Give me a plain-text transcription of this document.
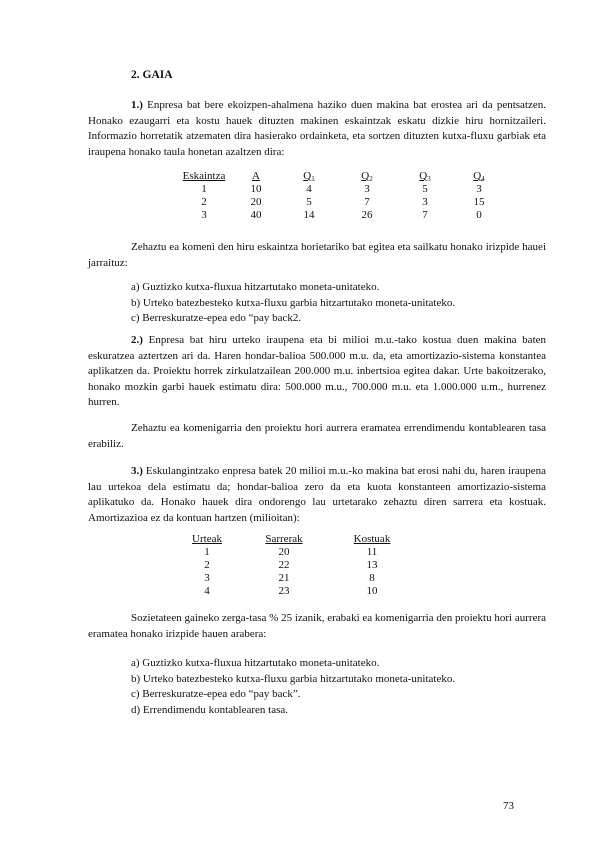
2. GAIA

1.) Enpresa bat bere ekoizpen-ahalmena haziko duen makina bat erostea ari da pentsatzen. Honako ezaugarri eta kostu hauek dituzten makinen eskaintzak eskatu dizkie hiru hornitzaileri. Informazio horretatik atzematen dira hasierako ordainketa, eta sortzen dituzten kutxa-fluxu garbiak eta iraupena honako taula honetan azaltzen dira:

Eskaintza	A	$Q_1$	$Q_2$	$Q_3$	$Q_4$
1	10	4	3	5	3
2	20	5	7	3	15
3	40	14	26	7	0

Zehaztu ea komeni den hiru eskaintza horietariko bat egitea eta sailkatu honako irizpide hauei jarraituz:

a) Guztizko kutxa-fluxua hitzartutako moneta-unitateko.
b) Urteko batezbesteko kutxa-fluxu garbia hitzartutako moneta-unitateko.
c) Berreskuratze-epea edo “pay back2.

2.) Enpresa bat hiru urteko iraupena eta bi milioi m.u.-tako kostua duen makina baten eskuratzea aztertzen ari da. Haren hondar-balioa 500.000 m.u. da, eta amortizazio-sistema konstantea aplikatzen da. Proiektu horrek zirkulatzailean 200.000 m.u. inbertsioa egitea dakar. Urte bakoitzerako, honako mozkin garbi hauek estimatu dira: 500.000 m.u., 700.000 m.u. eta 1.000.000 u.m., hurrenez hurren.

Zehaztu ea komenigarria den proiektu hori aurrera eramatea errendimendu kontablearen tasa erabiliz.

3.) Eskulangintzako enpresa batek 20 milioi m.u.-ko makina bat erosi nahi du, haren iraupena lau urtekoa dela estimatu da; hondar-balioa zero da eta kuota konstanteen amortizazio-sistema aplikatuko da. Honako hauek dira ondorengo lau urtetarako zehaztu diren sarrera eta kostuak. Amortizazioa ez da kontuan hartzen (milioitan):

Urteak	Sarrerak	Kostuak
1	20	11
2	22	13
3	21	8
4	23	10

Sozietateen gaineko zerga-tasa % 25 izanik, erabaki ea komenigarria den proiektu hori aurrera eramatea honako irizpide hauen arabera:

a) Guztizko kutxa-fluxua hitzartutako moneta-unitateko.
b) Urteko batezbesteko kutxa-fluxu garbia hitzartutako moneta-unitateko.
c) Berreskuratze-epea edo “pay back”.
d) Errendimendu kontablearen tasa.
73
